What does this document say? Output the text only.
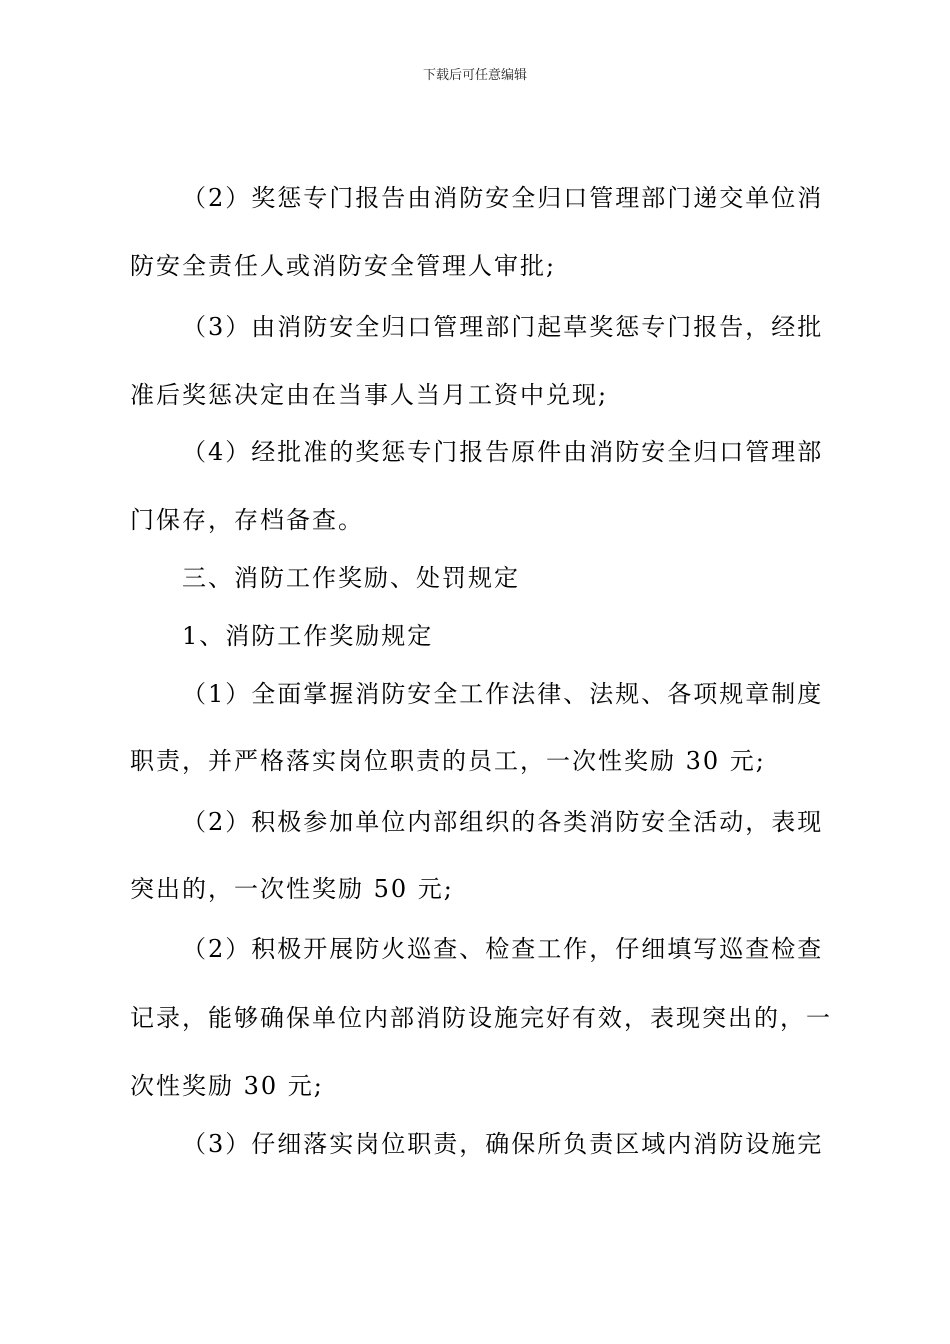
下载后可任意编辑
（2）奖惩专门报告由消防安全归口管理部门递交单位消
防安全责任人或消防安全管理人审批;
（3）由消防安全归口管理部门起草奖惩专门报告，经批
准后奖惩决定由在当事人当月工资中兑现;
（4）经批准的奖惩专门报告原件由消防安全归口管理部
门保存，存档备查。
三、消防工作奖励、处罚规定
1、消防工作奖励规定
（1）全面掌握消防安全工作法律、法规、各项规章制度
职责，并严格落实岗位职责的员工，一次性奖励 30 元;
（2）积极参加单位内部组织的各类消防安全活动，表现
突出的，一次性奖励 50 元;
（2）积极开展防火巡查、检查工作，仔细填写巡查检查
记录，能够确保单位内部消防设施完好有效，表现突出的，一
次性奖励 30 元;
（3）仔细落实岗位职责，确保所负责区域内消防设施完
